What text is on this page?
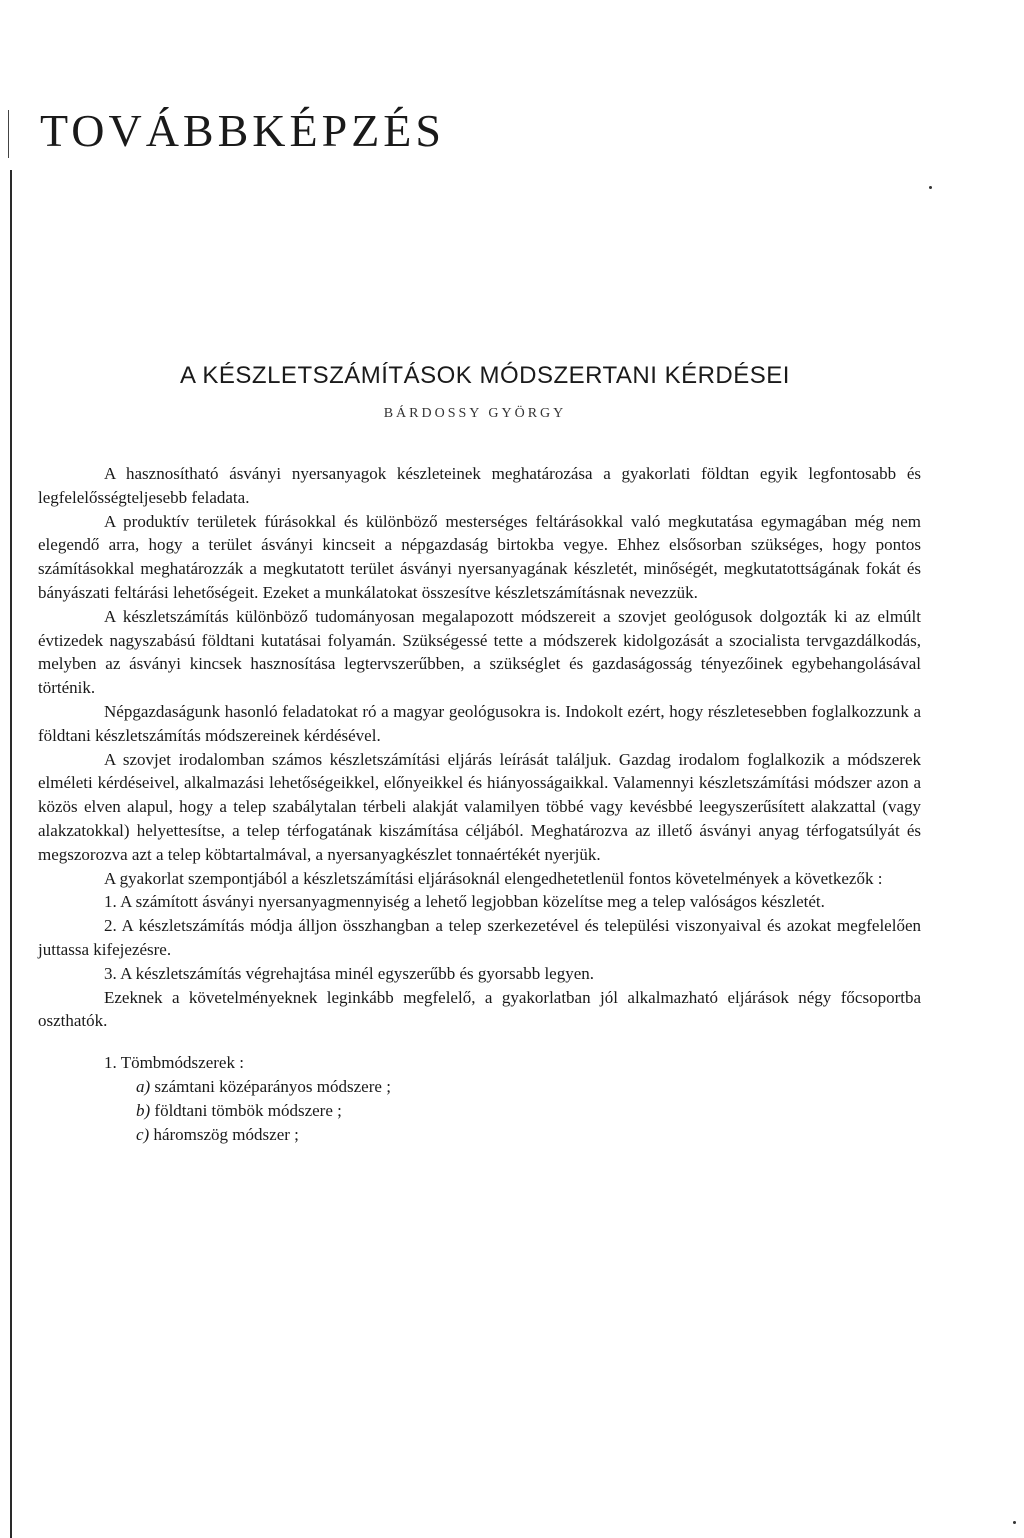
TOVÁBBKÉPZÉS
A KÉSZLETSZÁMÍTÁSOK MÓDSZERTANI KÉRDÉSEI
BÁRDOSSY GYÖRGY

A hasznosítható ásványi nyersanyagok készleteinek meghatározása a gyakorlati földtan egyik legfontosabb és legfelelősségteljesebb feladata.

A produktív területek fúrásokkal és különböző mesterséges feltárásokkal való megkutatása egymagában még nem elegendő arra, hogy a terület ásványi kincseit a népgazdaság birtokba vegye. Ehhez elsősorban szükséges, hogy pontos számításokkal meghatározzák a megkutatott terület ásványi nyersanyagának készletét, minőségét, megkutatottságának fokát és bányászati feltárási lehetőségeit. Ezeket a munkálatokat összesítve készletszámításnak nevezzük.

A készletszámítás különböző tudományosan megalapozott módszereit a szovjet geológusok dolgozták ki az elmúlt évtizedek nagyszabású földtani kutatásai folyamán. Szükségessé tette a módszerek kidolgozását a szocialista tervgazdálkodás, melyben az ásványi kincsek hasznosítása legtervszerűbben, a szükséglet és gazdaságosság tényezőinek egybehangolásával történik.

Népgazdaságunk hasonló feladatokat ró a magyar geológusokra is. Indokolt ezért, hogy részletesebben foglalkozzunk a földtani készletszámítás módszereinek kérdésével.

A szovjet irodalomban számos készletszámítási eljárás leírását találjuk. Gazdag irodalom foglalkozik a módszerek elméleti kérdéseivel, alkalmazási lehetőségeikkel, előnyeikkel és hiányosságaikkal. Valamennyi készletszámítási módszer azon a közös elven alapul, hogy a telep szabálytalan térbeli alakját valamilyen többé vagy kevésbbé leegyszerűsített alakzattal (vagy alakzatokkal) helyettesítse, a telep térfogatának kiszámítása céljából. Meghatározva az illető ásványi anyag térfogatsúlyát és megszorozva azt a telep köbtartalmával, a nyersanyagkészlet tonnaértékét nyerjük.

A gyakorlat szempontjából a készletszámítási eljárásoknál elengedhetetlenül fontos követelmények a következők :

1. A számított ásványi nyersanyagmennyiség a lehető legjobban közelítse meg a telep valóságos készletét.

2. A készletszámítás módja álljon összhangban a telep szerkezetével és települési viszonyaival és azokat megfelelően juttassa kifejezésre.

3. A készletszámítás végrehajtása minél egyszerűbb és gyorsabb legyen.

Ezeknek a követelményeknek leginkább megfelelő, a gyakorlatban jól alkalmazható eljárások négy főcsoportba oszthatók.

1. Tömbmódszerek :
a) számtani középarányos módszere ;
b) földtani tömbök módszere ;
c) háromszög módszer ;
